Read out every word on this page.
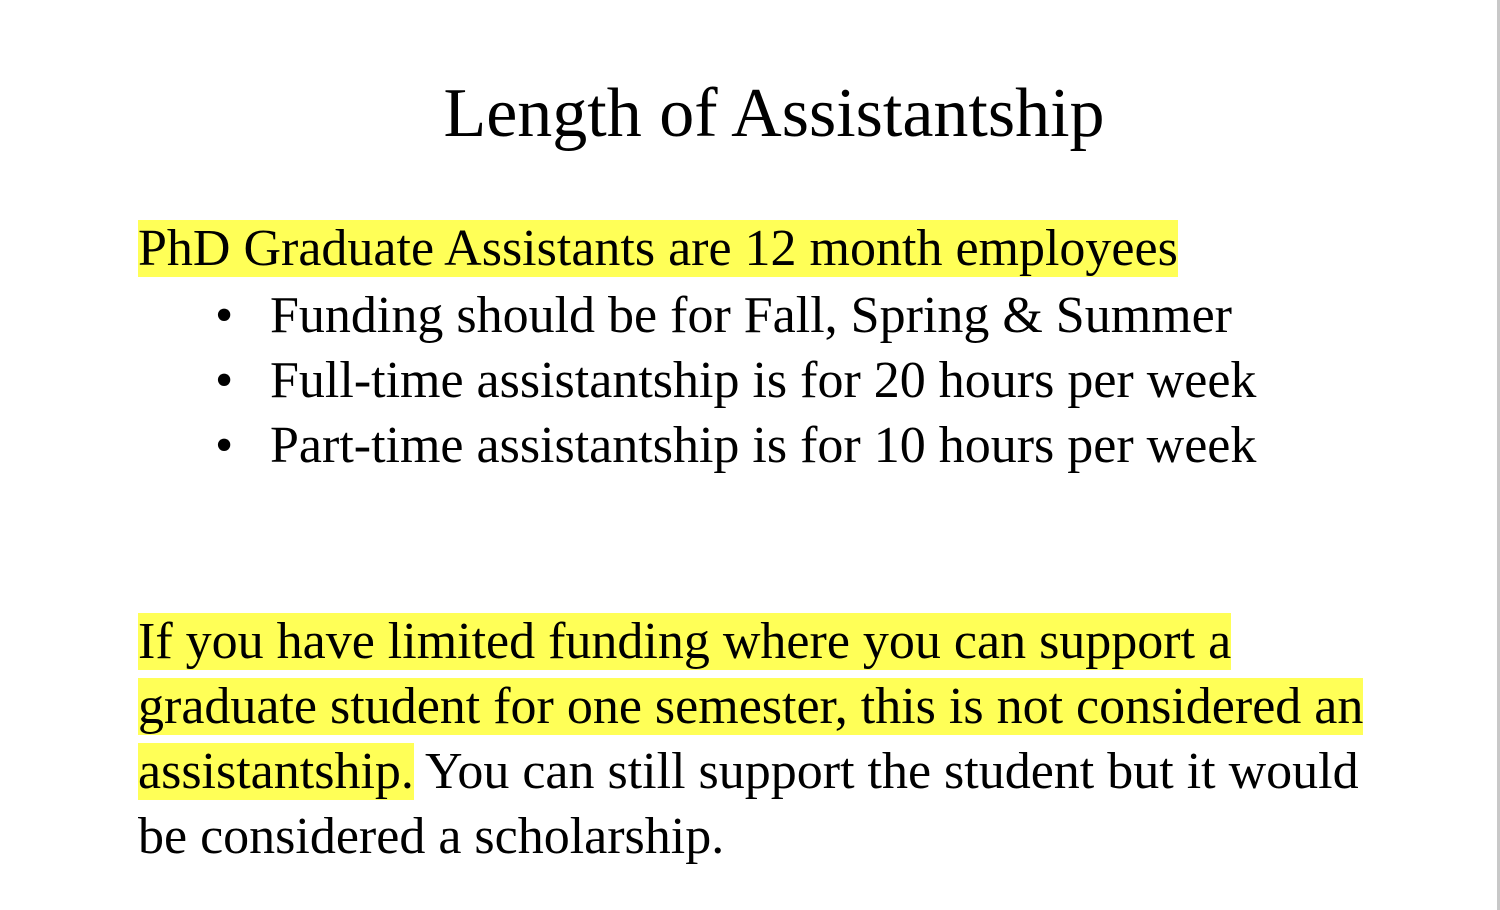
Length of Assistantship
PhD Graduate Assistants are 12 month employees
• Funding should be for Fall, Spring & Summer
• Full-time assistantship is for 20 hours per week
• Part-time assistantship is for 10 hours per week
If you have limited funding where you can support a
graduate student for one semester, this is not considered an
assistantship. You can still support the student but it would
be considered a scholarship.
